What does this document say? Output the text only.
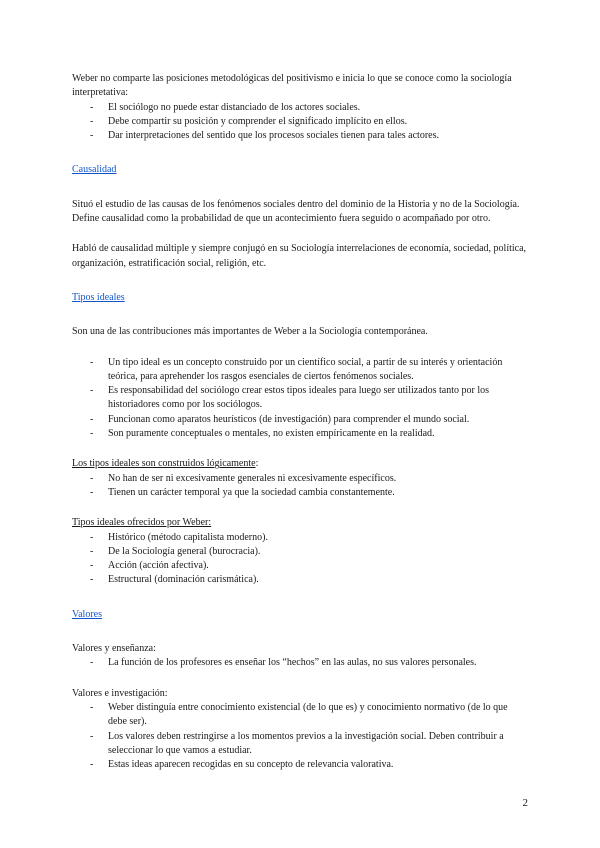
Weber no comparte las posiciones metodológicas del positivismo e inicia lo que se conoce como la sociología interpretativa:

- El sociólogo no puede estar distanciado de los actores sociales.
- Debe compartir su posición y comprender el significado implícito en ellos.
- Dar interpretaciones del sentido que los procesos sociales tienen para tales actores.

Causalidad

Situó el estudio de las causas de los fenómenos sociales dentro del dominio de la Historia y no de la Sociología.

Define causalidad como la probabilidad de que un acontecimiento fuera seguido o acompañado por otro.

Habló de causalidad múltiple y siempre conjugó en su Sociología interrelaciones de economía, sociedad, política, organización, estratificación social, religión, etc.

Tipos ideales

Son una de las contribuciones más importantes de Weber a la Sociología contemporánea.

- Un tipo ideal es un concepto construido por un científico social, a partir de su interés y orientación teórica, para aprehender los rasgos esenciales de ciertos fenómenos sociales.
- Es responsabilidad del sociólogo crear estos tipos ideales para luego ser utilizados tanto por los historiadores como por los sociólogos.
- Funcionan como aparatos heurísticos (de investigación) para comprender el mundo social.
- Son puramente conceptuales o mentales, no existen empíricamente en la realidad.

Los tipos ideales son construidos lógicamente:

- No han de ser ni excesivamente generales ni excesivamente específicos.
- Tienen un carácter temporal ya que la sociedad cambia constantemente.

Tipos ideales ofrecidos por Weber:

- Histórico (método capitalista moderno).
- De la Sociología general (burocracia).
- Acción (acción afectiva).
- Estructural (dominación carismática).

Valores

Valores y enseñanza:

- La función de los profesores es enseñar los “hechos” en las aulas, no sus valores personales.

Valores e investigación:

- Weber distinguía entre conocimiento existencial (de lo que es) y conocimiento normativo (de lo que debe ser).
- Los valores deben restringirse a los momentos previos a la investigación social. Deben contribuir a seleccionar lo que vamos a estudiar.
- Estas ideas aparecen recogidas en su concepto de relevancia valorativa.
2
